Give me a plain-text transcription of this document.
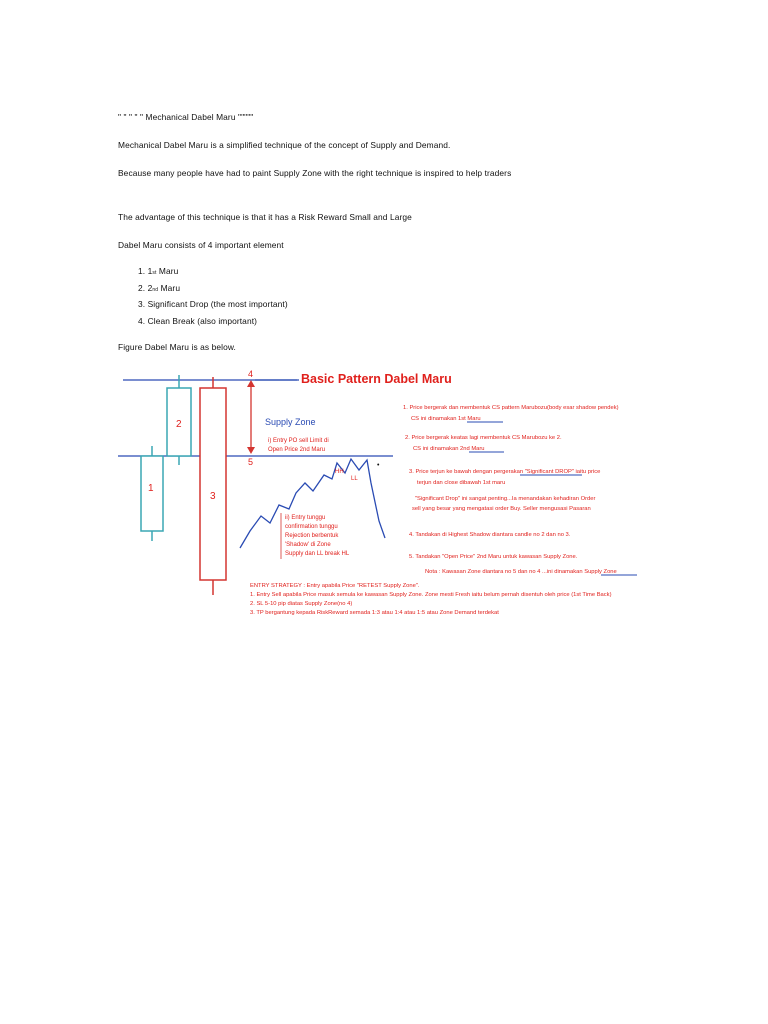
" " " " " Mechanical Dabel Maru """""
Mechanical Dabel Maru is a simplified technique of the concept of Supply and Demand.
Because many people have had to paint Supply Zone with the right technique is inspired to help traders
The advantage of this technique is that it has a Risk Reward Small and Large
Dabel Maru consists of 4 important element
1. 1st Maru
2. 2nd Maru
3. Significant Drop (the most important)
4. Clean Break (also important)
Figure Dabel Maru is as below.
1
2
3
4
5
Basic Pattern Dabel Maru
Supply Zone
HH
LL
•
i) Entry PO sell Limit di Open Price 2nd Maru
ii) Entry tunggu confirmation tunggu Rejection berbentuk 'Shadow' di Zone Supply dan LL break HL
1. Price bergerak dan membentuk CS pattern Marubozu(body esar shadow pendek) CS ini dinamakan 1st Maru
2. Price bergerak keatas lagi membentuk CS Marubozu ke 2. CS ini dinamakan 2nd Maru
3. Price terjun ke bawah dengan pergerakan "Significant DROP" iaitu price terjun dan close dibawah 1st maru
"Significant Drop" ini sangat penting...Ia menandakan kehadiran Order sell yang besar yang mengatasi order Buy. Seller mengusasi Pasaran
4. Tandakan di Highest Shadow diantara candle no 2 dan no 3.
5. Tandakan "Open Price" 2nd Maru untuk kawasan Supply Zone.
Nota : Kawasan Zone diantara no 5 dan no 4 ...ini dinamakan Supply Zone
ENTRY STRATEGY : Entry apabila Price "RETEST Supply Zone".
1. Entry Sell apabila Price masuk semula ke kawasan Supply Zone. Zone mesti Fresh iaitu belum pernah disentuh oleh price (1st Time Back)
2. SL 5-10 pip diatas Supply Zone(no 4)
3. TP bergantung kepada RiskReward semada 1:3 atau 1:4 atau 1:5 atau Zone Demand terdekat
